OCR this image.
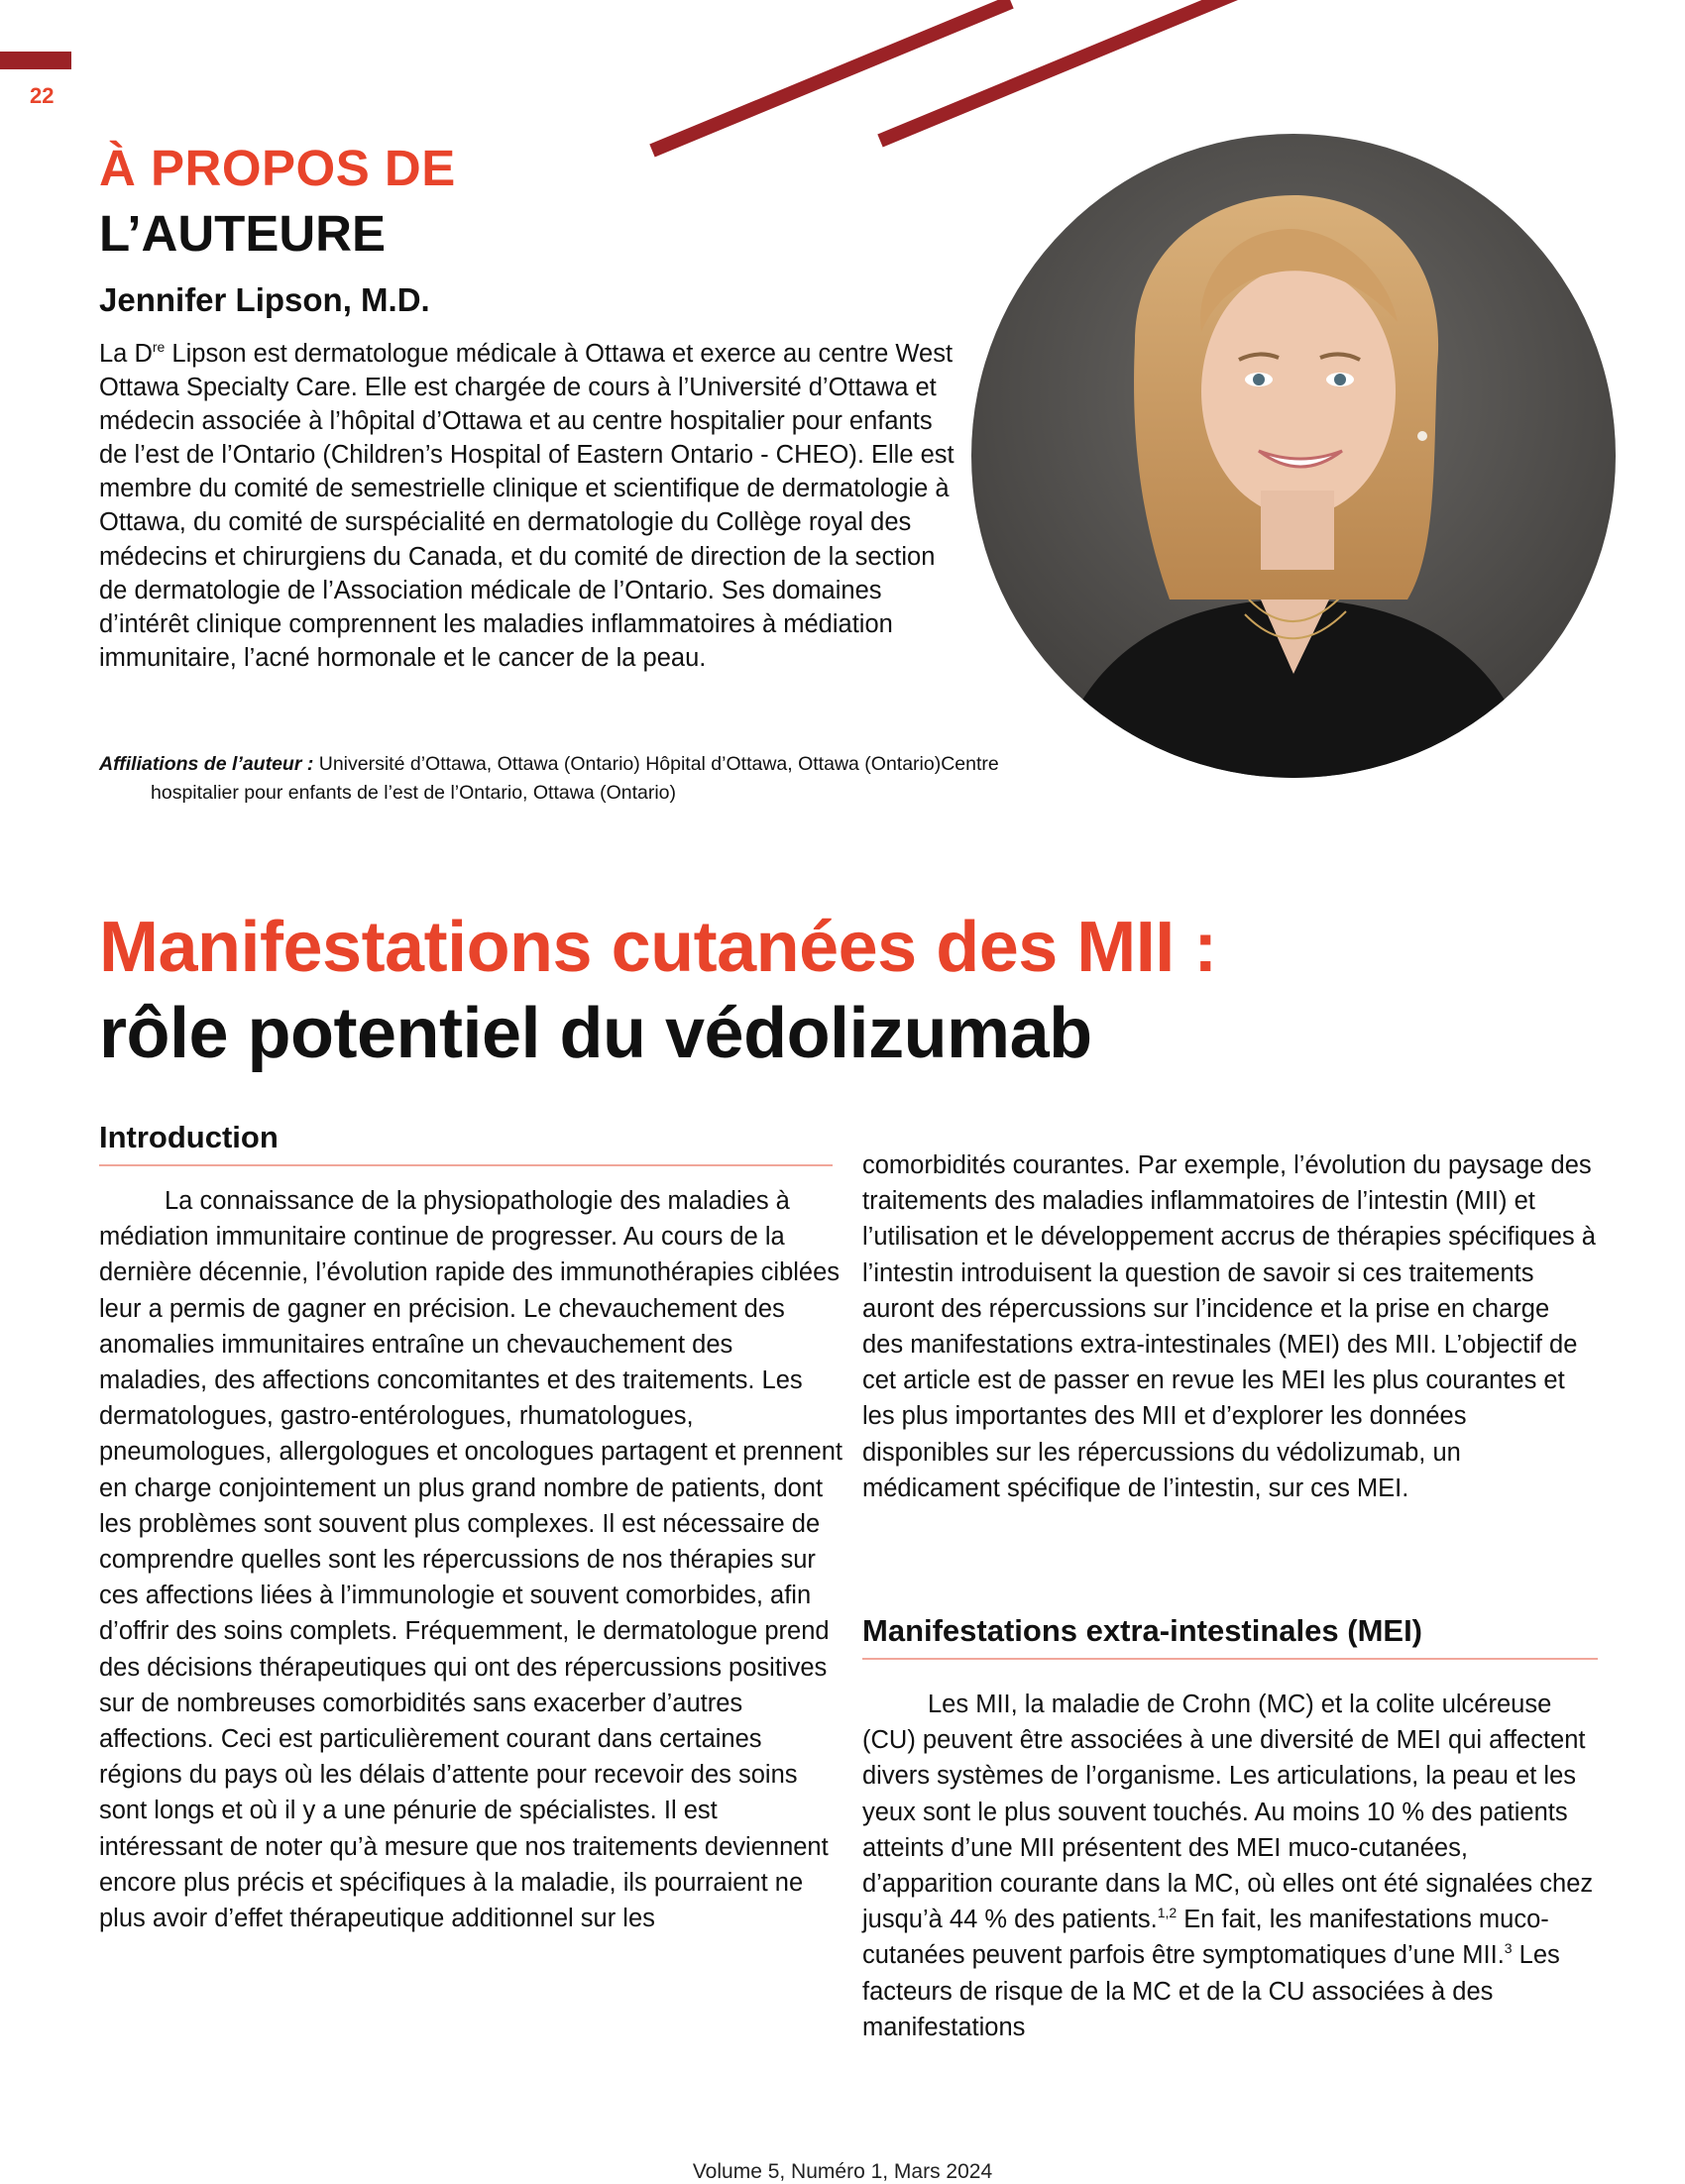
22
À PROPOS DE
L’AUTEURE
Jennifer Lipson, M.D.
La Dre Lipson est dermatologue médicale à Ottawa et exerce au centre West Ottawa Specialty Care. Elle est chargée de cours à l’Université d’Ottawa et médecin associée à l’hôpital d’Ottawa et au centre hospitalier pour enfants de l’est de l’Ontario (Children’s Hospital of Eastern Ontario - CHEO). Elle est membre du comité de semestrielle clinique et scientifique de dermatologie à Ottawa, du comité de surspécialité en dermatologie du Collège royal des médecins et chirurgiens du Canada, et du comité de direction de la section de dermatologie de l’Association médicale de l’Ontario. Ses domaines d’intérêt clinique comprennent les maladies inflammatoires à médiation immunitaire, l’acné hormonale et le cancer de la peau.
Affiliations de l’auteur : Université d’Ottawa, Ottawa (Ontario) Hôpital d’Ottawa, Ottawa (Ontario)Centre hospitalier pour enfants de l’est de l’Ontario, Ottawa (Ontario)
Manifestations cutanées des MII :
rôle potentiel du védolizumab
Introduction
La connaissance de la physiopathologie des maladies à médiation immunitaire continue de progresser. Au cours de la dernière décennie, l’évolution rapide des immunothérapies ciblées leur a permis de gagner en précision. Le chevauchement des anomalies immunitaires entraîne un chevauchement des maladies, des affections concomitantes et des traitements. Les dermatologues, gastro-entérologues, rhumatologues, pneumologues, allergologues et oncologues partagent et prennent en charge conjointement un plus grand nombre de patients, dont les problèmes sont souvent plus complexes. Il est nécessaire de comprendre quelles sont les répercussions de nos thérapies sur ces affections liées à l’immunologie et souvent comorbides, afin d’offrir des soins complets. Fréquemment, le dermatologue prend des décisions thérapeutiques qui ont des répercussions positives sur de nombreuses comorbidités sans exacerber d’autres affections. Ceci est particulièrement courant dans certaines régions du pays où les délais d’attente pour recevoir des soins sont longs et où il y a une pénurie de spécialistes. Il est intéressant de noter qu’à mesure que nos traitements deviennent encore plus précis et spécifiques à la maladie, ils pourraient ne plus avoir d’effet thérapeutique additionnel sur les
comorbidités courantes. Par exemple, l’évolution du paysage des traitements des maladies inflammatoires de l’intestin (MII) et l’utilisation et le développement accrus de thérapies spécifiques à l’intestin introduisent la question de savoir si ces traitements auront des répercussions sur l’incidence et la prise en charge des manifestations extra-intestinales (MEI) des MII. L’objectif de cet article est de passer en revue les MEI les plus courantes et les plus importantes des MII et d’explorer les données disponibles sur les répercussions du védolizumab, un médicament spécifique de l’intestin, sur ces MEI.
Manifestations extra-intestinales (MEI)
Les MII, la maladie de Crohn (MC) et la colite ulcéreuse (CU) peuvent être associées à une diversité de MEI qui affectent divers systèmes de l’organisme. Les articulations, la peau et les yeux sont le plus souvent touchés. Au moins 10 % des patients atteints d’une MII présentent des MEI muco-cutanées, d’apparition courante dans la MC, où elles ont été signalées chez jusqu’à 44 % des patients.$^{1,2}$ En fait, les manifestations muco-cutanées peuvent parfois être symptomatiques d’une MII.$^3$ Les facteurs de risque de la MC et de la CU associées à des manifestations
Volume 5, Numéro 1, Mars 2024
